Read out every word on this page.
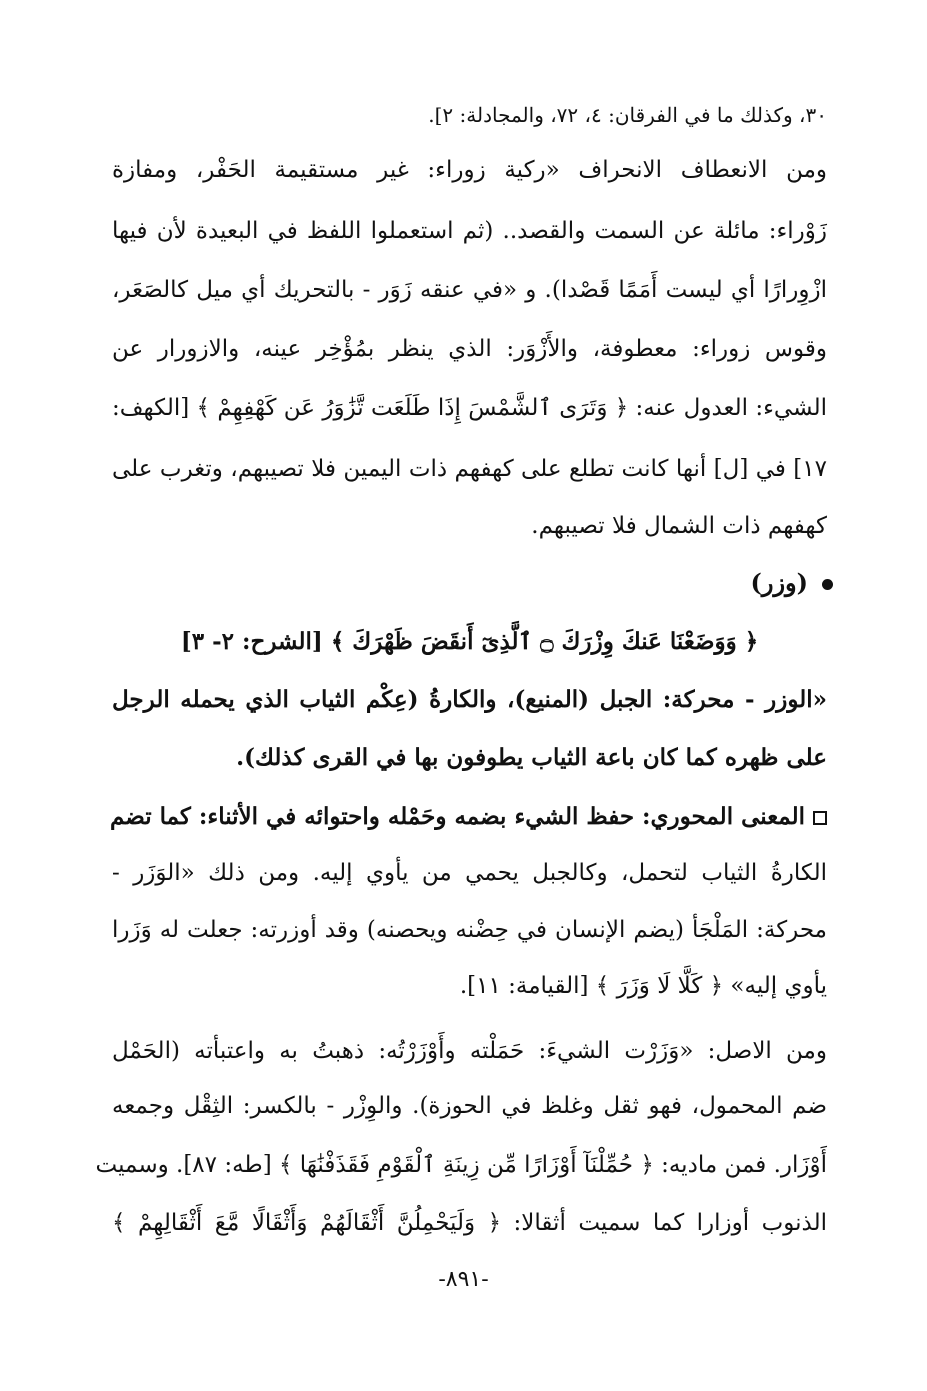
٣٠، وكذلك ما في الفرقان: ٤، ٧٢، والمجادلة: ٢].
ومن الانعطاف الانحراف «ركية زوراء: غير مستقيمة الحَفْر، ومفازة
زَوْراء: مائلة عن السمت والقصد.. (ثم استعملوا اللفظ في البعيدة لأن فيها
ازْوِرارًا أي ليست أَمَمًا قَصْدا). و «في عنقه زَوَر - بالتحريك أي ميل كالصَعَر،
وقوس زوراء: معطوفة، والأَزْوَر: الذي ينظر بمُؤْخِر عينه، والازورار عن
الشيء: العدول عنه: ﴿ وَتَرَى ٱلشَّمْسَ إِذَا طَلَعَت تَّزَٰوَرُ عَن كَهْفِهِمْ ﴾ [الكهف:
١٧] في [ل] أنها كانت تطلع على كهفهم ذات اليمين فلا تصيبهم، وتغرب على
كهفهم ذات الشمال فلا تصيبهم.
(وزر)
﴿ وَوَضَعْنَا عَنكَ وِزْرَكَ ۝ ٱلَّذِىٓ أَنقَضَ ظَهْرَكَ ﴾ [الشرح: ٢- ٣]
«الوزر - محركة: الجبل (المنيع)، والكارةُ (عِكْم الثياب الذي يحمله الرجل
على ظهره كما كان باعة الثياب يطوفون بها في القرى كذلك).
المعنى المحوري: حفظ الشيء بضمه وحَمْله واحتوائه في الأثناء: كما تضم
الكارةُ الثياب لتحمل، وكالجبل يحمي من يأوي إليه. ومن ذلك «الوَزَر -
محركة: المَلْجَأ (يضم الإنسان في حِضْنه ويحصنه) وقد أوزرته: جعلت له وَزَرا
يأوي إليه» ﴿ كَلَّا لَا وَزَرَ ﴾ [القيامة: ١١].
ومن الاصل: «وَزَرْت الشيءَ: حَمَلْته وأَوْزَرْتُه: ذهبتُ به واعتبأته (الحَمْل
ضم المحمول، فهو ثقل وغلظ في الحوزة). والوِزْر - بالكسر: الثِقْل وجمعه
أَوْزَار. فمن ماديه: ﴿ حُمِّلْنَآ أَوْزَارًا مِّن زِينَةِ ٱلْقَوْمِ فَقَذَفْنَٰهَا ﴾ [طه: ٨٧]. وسميت
الذنوب أوزارا كما سميت أثقالا: ﴿ وَلَيَحْمِلُنَّ أَثْقَالَهُمْ وَأَثْقَالًا مَّعَ أَثْقَالِهِمْ ﴾
-٨٩١-
